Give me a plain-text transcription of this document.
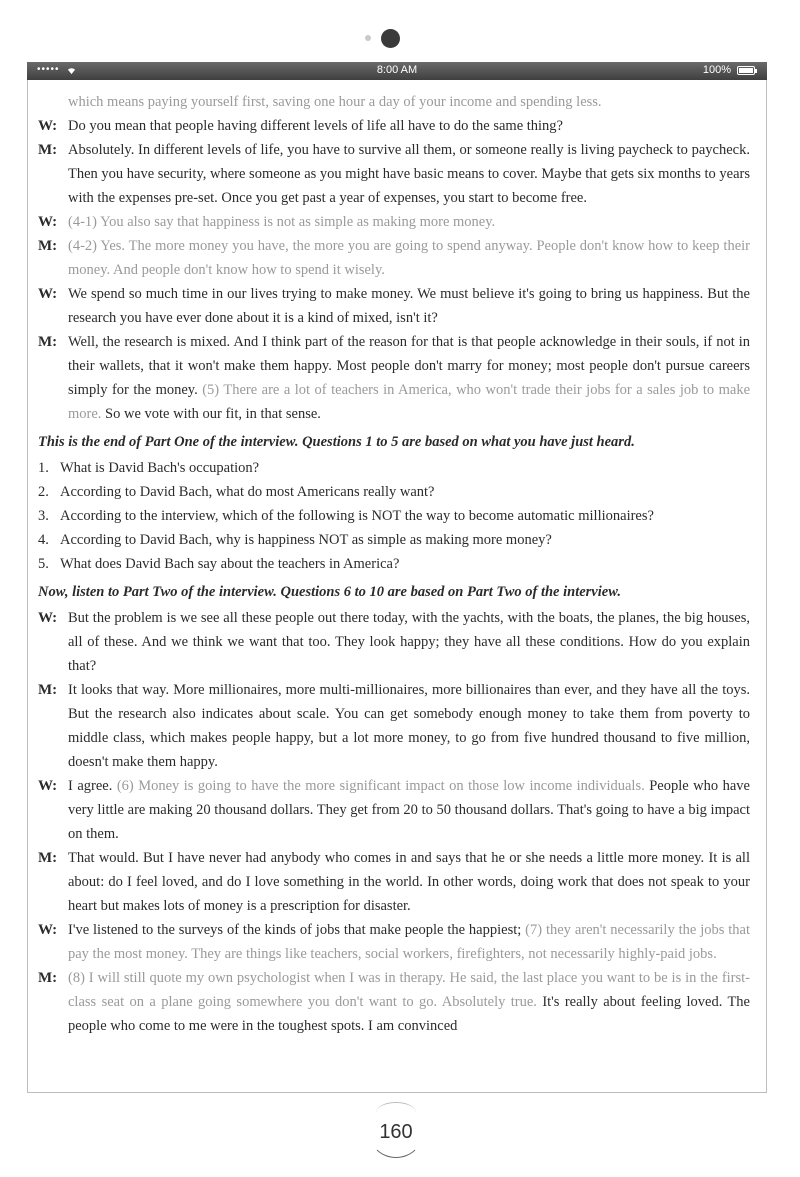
•••••	8:00 AM	100%
which means paying yourself first, saving one hour a day of your income and spending less.
W: Do you mean that people having different levels of life all have to do the same thing?
M: Absolutely. In different levels of life, you have to survive all them, or someone really is living paycheck to paycheck. Then you have security, where someone as you might have basic means to cover. Maybe that gets six months to years with the expenses pre-set. Once you get past a year of expenses, you start to become free.
W: (4-1) You also say that happiness is not as simple as making more money.
M: (4-2) Yes. The more money you have, the more you are going to spend anyway. People don't know how to keep their money. And people don't know how to spend it wisely.
W: We spend so much time in our lives trying to make money. We must believe it's going to bring us happiness. But the research you have ever done about it is a kind of mixed, isn't it?
M: Well, the research is mixed. And I think part of the reason for that is that people acknowledge in their souls, if not in their wallets, that it won't make them happy. Most people don't marry for money; most people don't pursue careers simply for the money. (5) There are a lot of teachers in America, who won't trade their jobs for a sales job to make more. So we vote with our fit, in that sense.
This is the end of Part One of the interview. Questions 1 to 5 are based on what you have just heard.
1. What is David Bach's occupation?
2. According to David Bach, what do most Americans really want?
3. According to the interview, which of the following is NOT the way to become automatic millionaires?
4. According to David Bach, why is happiness NOT as simple as making more money?
5. What does David Bach say about the teachers in America?
Now, listen to Part Two of the interview. Questions 6 to 10 are based on Part Two of the interview.
W: But the problem is we see all these people out there today, with the yachts, with the boats, the planes, the big houses, all of these. And we think we want that too. They look happy; they have all these conditions. How do you explain that?
M: It looks that way. More millionaires, more multi-millionaires, more billionaires than ever, and they have all the toys. But the research also indicates about scale. You can get somebody enough money to take them from poverty to middle class, which makes people happy, but a lot more money, to go from five hundred thousand to five million, doesn't make them happy.
W: I agree. (6) Money is going to have the more significant impact on those low income individuals. People who have very little are making 20 thousand dollars. They get from 20 to 50 thousand dollars. That's going to have a big impact on them.
M: That would. But I have never had anybody who comes in and says that he or she needs a little more money. It is all about: do I feel loved, and do I love something in the world. In other words, doing work that does not speak to your heart but makes lots of money is a prescription for disaster.
W: I've listened to the surveys of the kinds of jobs that make people the happiest; (7) they aren't necessarily the jobs that pay the most money. They are things like teachers, social workers, firefighters, not necessarily highly-paid jobs.
M: (8) I will still quote my own psychologist when I was in therapy. He said, the last place you want to be is in the first-class seat on a plane going somewhere you don't want to go. Absolutely true. It's really about feeling loved. The people who come to me were in the toughest spots. I am convinced
160
